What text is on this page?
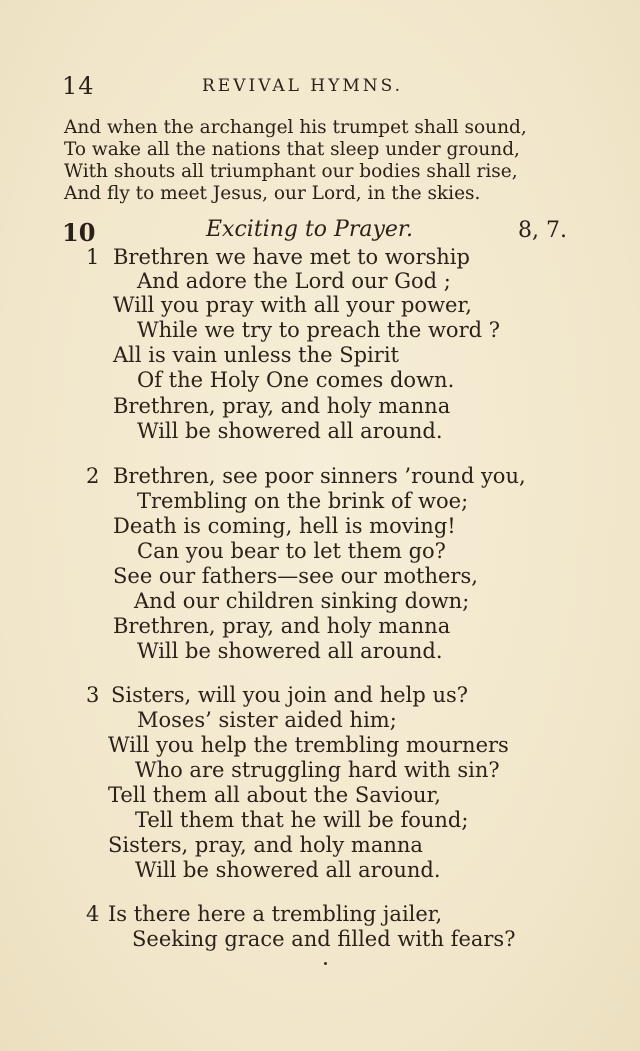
14	REVIVAL HYMNS.
And when the archangel his trumpet shall sound,
To wake all the nations that sleep under ground,
With shouts all triumphant our bodies shall rise,
And fly to meet Jesus, our Lord, in the skies.
10	Exciting to Prayer.	8, 7.
1 Brethren we have met to worship
And adore the Lord our God ;
Will you pray with all your power,
While we try to preach the word ?
All is vain unless the Spirit
Of the Holy One comes down.
Brethren, pray, and holy manna
Will be showered all around.
2 Brethren, see poor sinners ’round you,
Trembling on the brink of woe;
Death is coming, hell is moving!
Can you bear to let them go?
See our fathers—see our mothers,
And our children sinking down;
Brethren, pray, and holy manna
Will be showered all around.
3 Sisters, will you join and help us?
Moses’ sister aided him;
Will you help the trembling mourners
Who are struggling hard with sin?
Tell them all about the Saviour,
Tell them that he will be found;
Sisters, pray, and holy manna
Will be showered all around.
4 Is there here a trembling jailer,
Seeking grace and filled with fears?
